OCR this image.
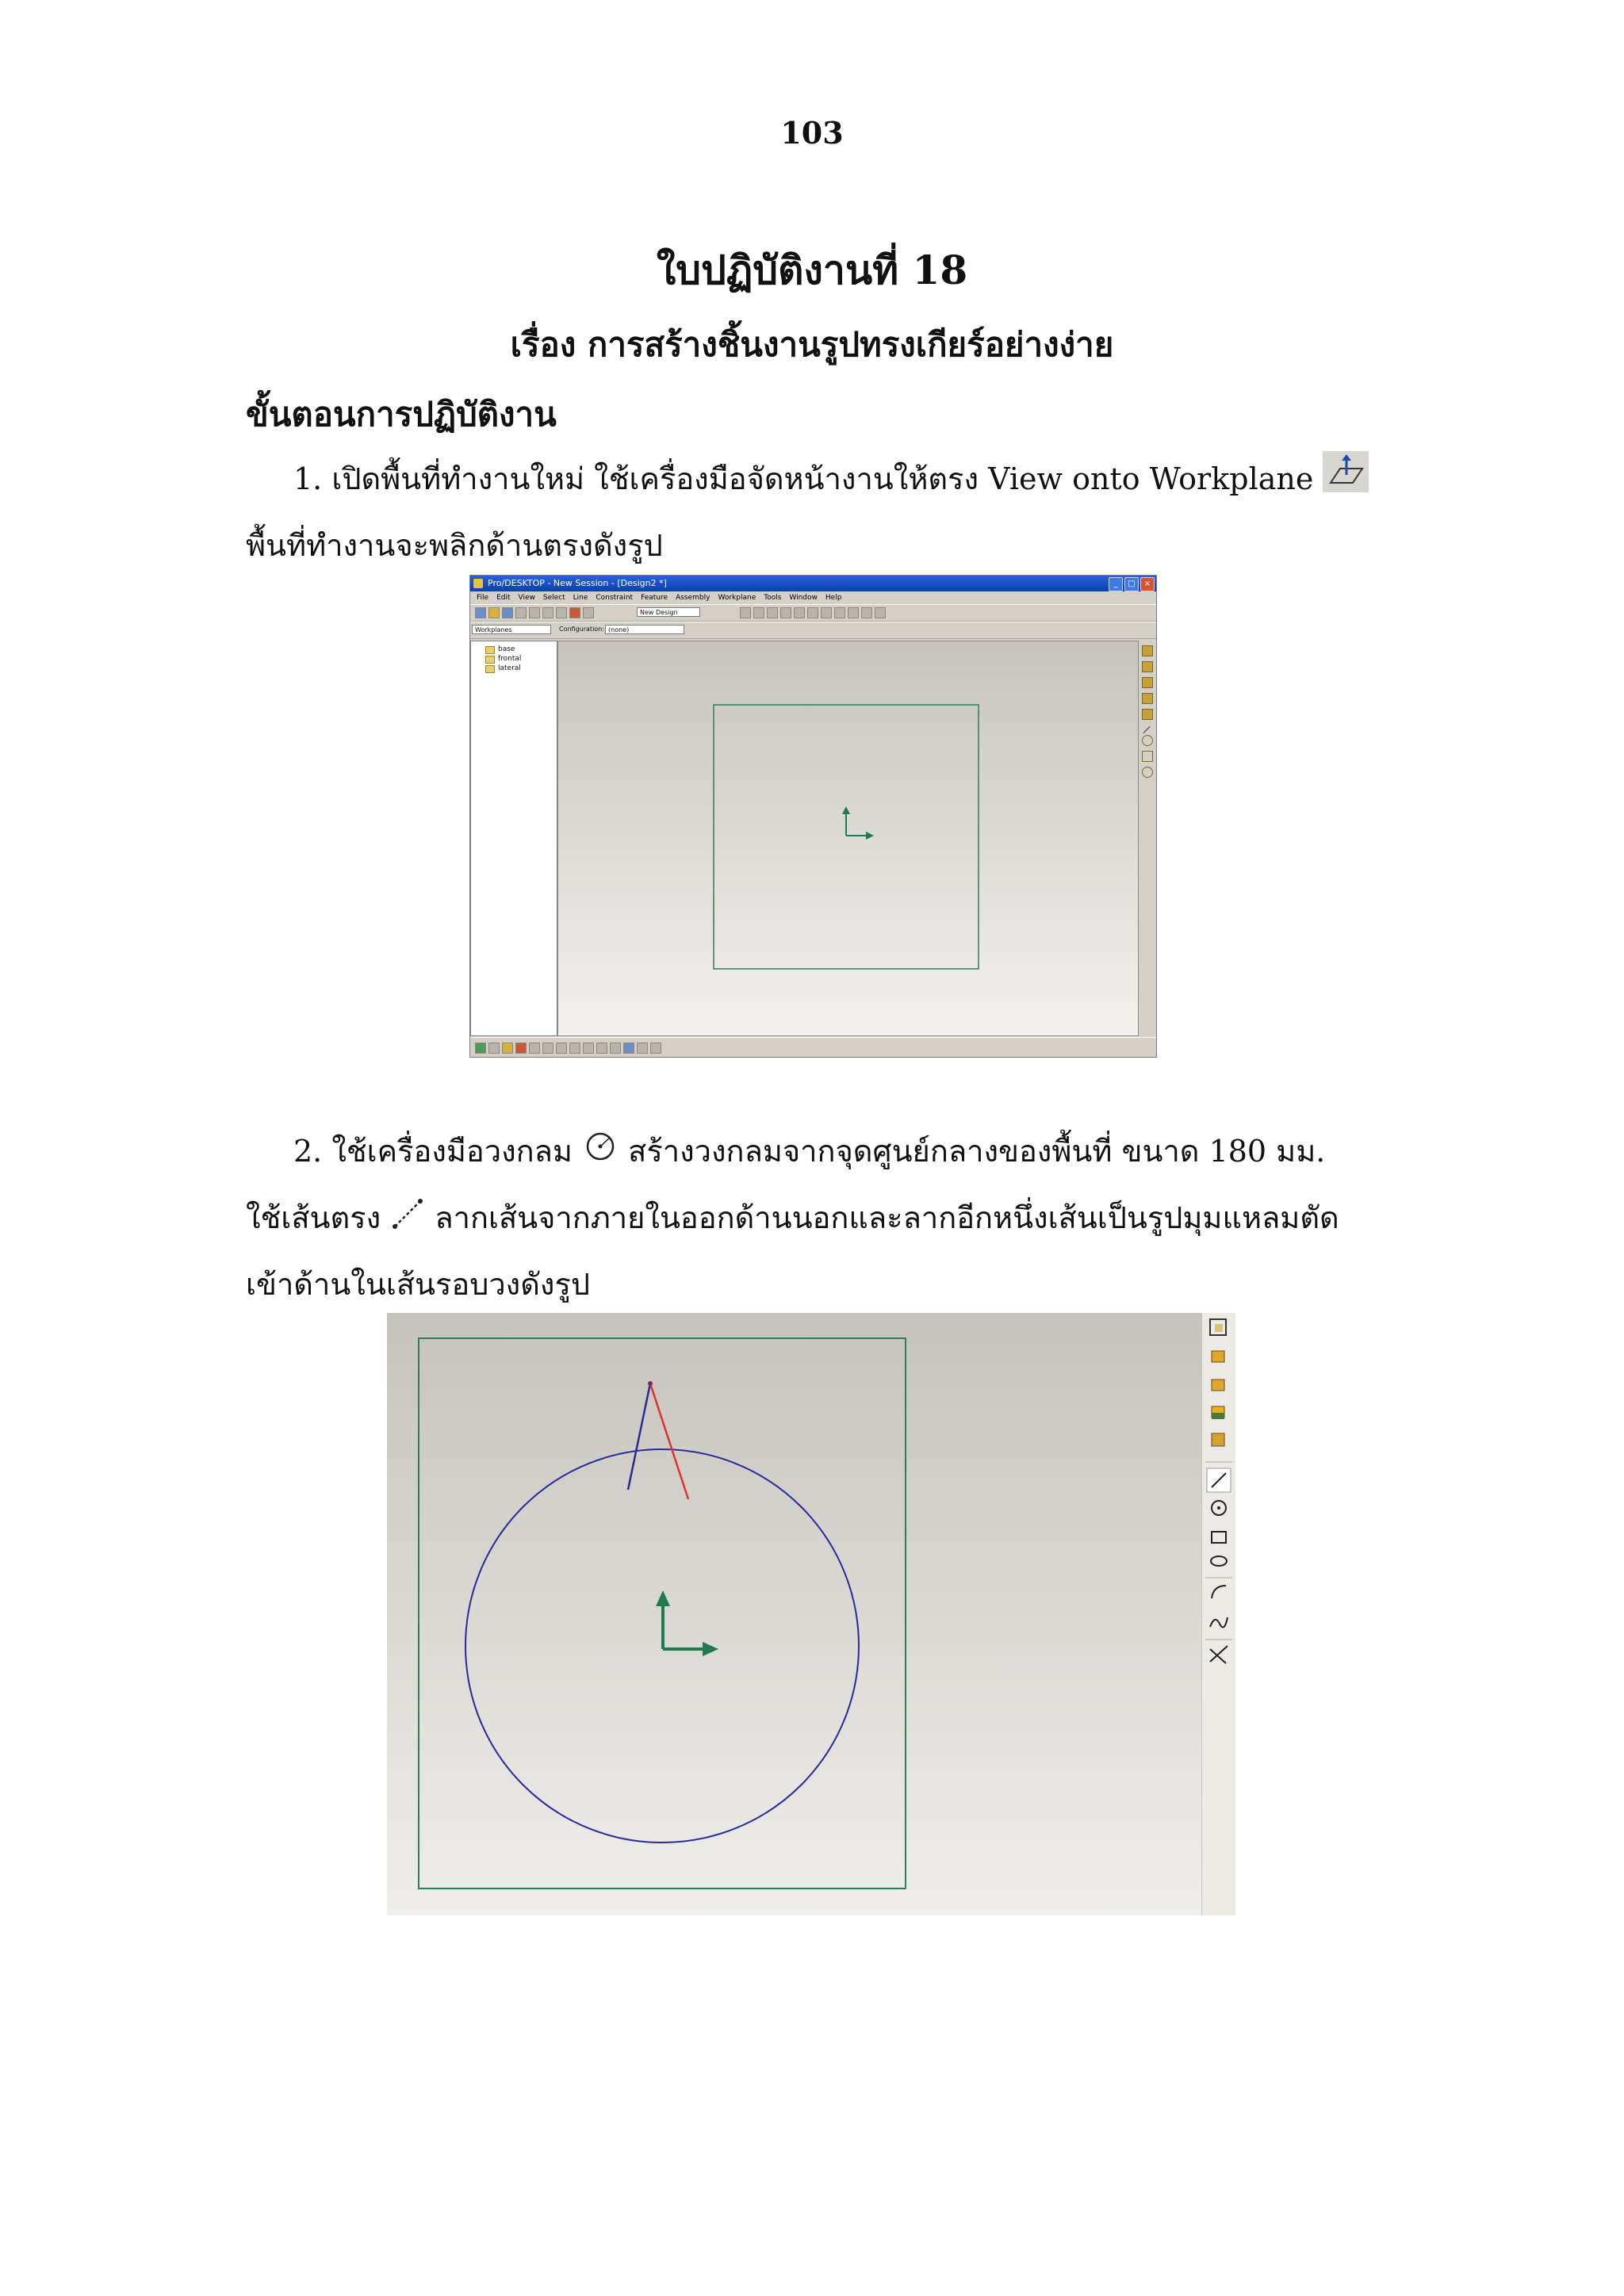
103
ใบปฏิบัติงานที่ 18
เรื่อง การสร้างชิ้นงานรูปทรงเกียร์อย่างง่าย
ขั้นตอนการปฏิบัติงาน
1. เปิดพื้นที่ทำงานใหม่ ใช้เครื่องมือจัดหน้างานให้ตรง View onto Workplane
พื้นที่ทำงานจะพลิกด้านตรงดังรูป
Pro/DESKTOP - New Session - [Design2 *]	_	□	×
File Edit View Select Line Constraint Feature Assembly Workplane Tools Window Help
New Design
Workplanes	Configuration: (none)
base
frontal
lateral
2. ใช้เครื่องมือวงกลม สร้างวงกลมจากจุดศูนย์กลางของพื้นที่ ขนาด 180 มม.
ใช้เส้นตรง ลากเส้นจากภายในออกด้านนอกและลากอีกหนึ่งเส้นเป็นรูปมุมแหลมตัด
เข้าด้านในเส้นรอบวงดังรูป
